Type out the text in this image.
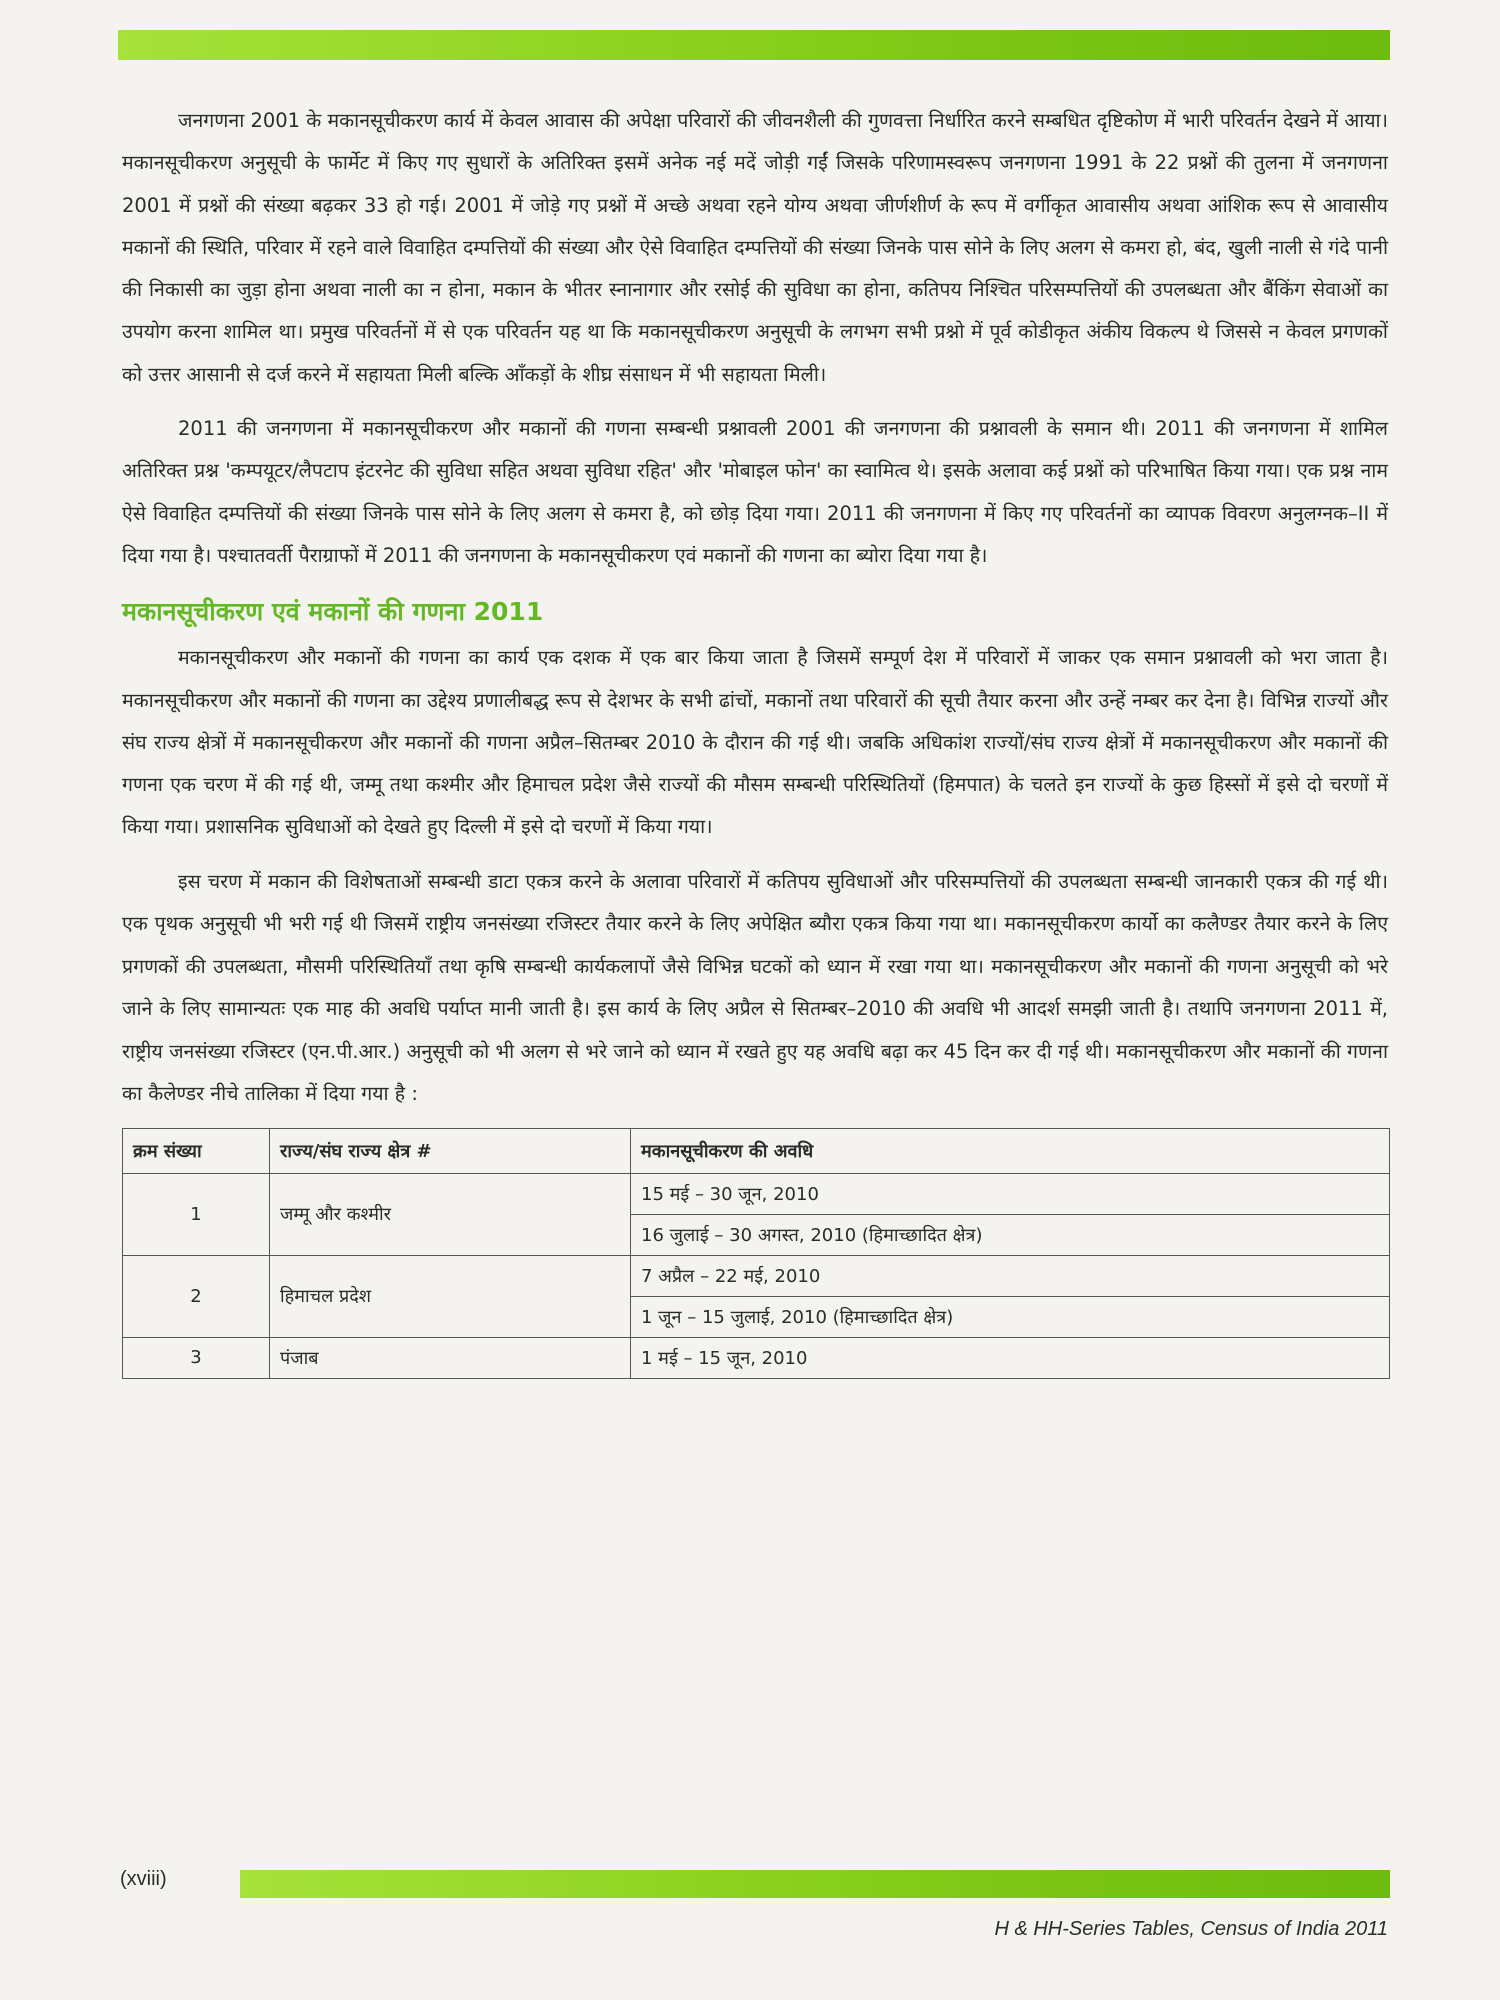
जनगणना 2001 के मकानसूचीकरण कार्य में केवल आवास की अपेक्षा परिवारों की जीवनशैली की गुणवत्ता निर्धारित करने सम्बधित दृष्टिकोण में भारी परिवर्तन देखने में आया। मकानसूचीकरण अनुसूची के फार्मेट में किए गए सुधारों के अतिरिक्त इसमें अनेक नई मदें जोड़ी गईं जिसके परिणामस्वरूप जनगणना 1991 के 22 प्रश्नों की तुलना में जनगणना 2001 में प्रश्नों की संख्या बढ़कर 33 हो गई। 2001 में जोड़े गए प्रश्नों में अच्छे अथवा रहने योग्य अथवा जीर्णशीर्ण के रूप में वर्गीकृत आवासीय अथवा आंशिक रूप से आवासीय मकानों की स्थिति, परिवार में रहने वाले विवाहित दम्पत्तियों की संख्या और ऐसे विवाहित दम्पत्तियों की संख्या जिनके पास सोने के लिए अलग से कमरा हो, बंद, खुली नाली से गंदे पानी की निकासी का जुड़ा होना अथवा नाली का न होना, मकान के भीतर स्नानागार और रसोई की सुविधा का होना, कतिपय निश्चित परिसम्पत्तियों की उपलब्धता और बैंकिंग सेवाओं का उपयोग करना शामिल था। प्रमुख परिवर्तनों में से एक परिवर्तन यह था कि मकानसूचीकरण अनुसूची के लगभग सभी प्रश्नो में पूर्व कोडीकृत अंकीय विकल्प थे जिससे न केवल प्रगणकों को उत्तर आसानी से दर्ज करने में सहायता मिली बल्कि आँकड़ों के शीघ्र संसाधन में भी सहायता मिली।

2011 की जनगणना में मकानसूचीकरण और मकानों की गणना सम्बन्धी प्रश्नावली 2001 की जनगणना की प्रश्नावली के समान थी। 2011 की जनगणना में शामिल अतिरिक्त प्रश्न 'कम्पयूटर/लैपटाप इंटरनेट की सुविधा सहित अथवा सुविधा रहित' और 'मोबाइल फोन' का स्वामित्व थे। इसके अलावा कई प्रश्नों को परिभाषित किया गया। एक प्रश्न नाम ऐसे विवाहित दम्पत्तियों की संख्या जिनके पास सोने के लिए अलग से कमरा है, को छोड़ दिया गया। 2011 की जनगणना में किए गए परिवर्तनों का व्यापक विवरण अनुलग्नक–II में दिया गया है। पश्चातवर्ती पैराग्राफों में 2011 की जनगणना के मकानसूचीकरण एवं मकानों की गणना का ब्योरा दिया गया है।

मकानसूचीकरण एवं मकानों की गणना 2011

मकानसूचीकरण और मकानों की गणना का कार्य एक दशक में एक बार किया जाता है जिसमें सम्पूर्ण देश में परिवारों में जाकर एक समान प्रश्नावली को भरा जाता है। मकानसूचीकरण और मकानों की गणना का उद्देश्य प्रणालीबद्ध रूप से देशभर के सभी ढांचों, मकानों तथा परिवारों की सूची तैयार करना और उन्हें नम्बर कर देना है। विभिन्न राज्यों और संघ राज्य क्षेत्रों में मकानसूचीकरण और मकानों की गणना अप्रैल–सितम्बर 2010 के दौरान की गई थी। जबकि अधिकांश राज्यों/संघ राज्य क्षेत्रों में मकानसूचीकरण और मकानों की गणना एक चरण में की गई थी, जम्मू तथा कश्मीर और हिमाचल प्रदेश जैसे राज्यों की मौसम सम्बन्धी परिस्थितियों (हिमपात) के चलते इन राज्यों के कुछ हिस्सों में इसे दो चरणों में किया गया। प्रशासनिक सुविधाओं को देखते हुए दिल्ली में इसे दो चरणों में किया गया।

इस चरण में मकान की विशेषताओं सम्बन्धी डाटा एकत्र करने के अलावा परिवारों में कतिपय सुविधाओं और परिसम्पत्तियों की उपलब्धता सम्बन्धी जानकारी एकत्र की गई थी। एक पृथक अनुसूची भी भरी गई थी जिसमें राष्ट्रीय जनसंख्या रजिस्टर तैयार करने के लिए अपेक्षित ब्यौरा एकत्र किया गया था। मकानसूचीकरण कार्यो का कलैण्डर तैयार करने के लिए प्रगणकों की उपलब्धता, मौसमी परिस्थितियाँ तथा कृषि सम्बन्धी कार्यकलापों जैसे विभिन्न घटकों को ध्यान में रखा गया था। मकानसूचीकरण और मकानों की गणना अनुसूची को भरे जाने के लिए सामान्यतः एक माह की अवधि पर्याप्त मानी जाती है। इस कार्य के लिए अप्रैल से सितम्बर–2010 की अवधि भी आदर्श समझी जाती है। तथापि जनगणना 2011 में, राष्ट्रीय जनसंख्या रजिस्टर (एन.पी.आर.) अनुसूची को भी अलग से भरे जाने को ध्यान में रखते हुए यह अवधि बढ़ा कर 45 दिन कर दी गई थी। मकानसूचीकरण और मकानों की गणना का कैलेण्डर नीचे तालिका में दिया गया है :

क्रम संख्या	राज्य/संघ राज्य क्षेत्र #	मकानसूचीकरण की अवधि
1	जम्मू और कश्मीर	15 मई – 30 जून, 2010
		16 जुलाई – 30 अगस्त, 2010 (हिमाच्छादित क्षेत्र)
2	हिमाचल प्रदेश	7 अप्रैल – 22 मई, 2010
		1 जून – 15 जुलाई, 2010 (हिमाच्छादित क्षेत्र)
3	पंजाब	1 मई – 15 जून, 2010
(xviii)
H & HH-Series Tables, Census of India 2011
